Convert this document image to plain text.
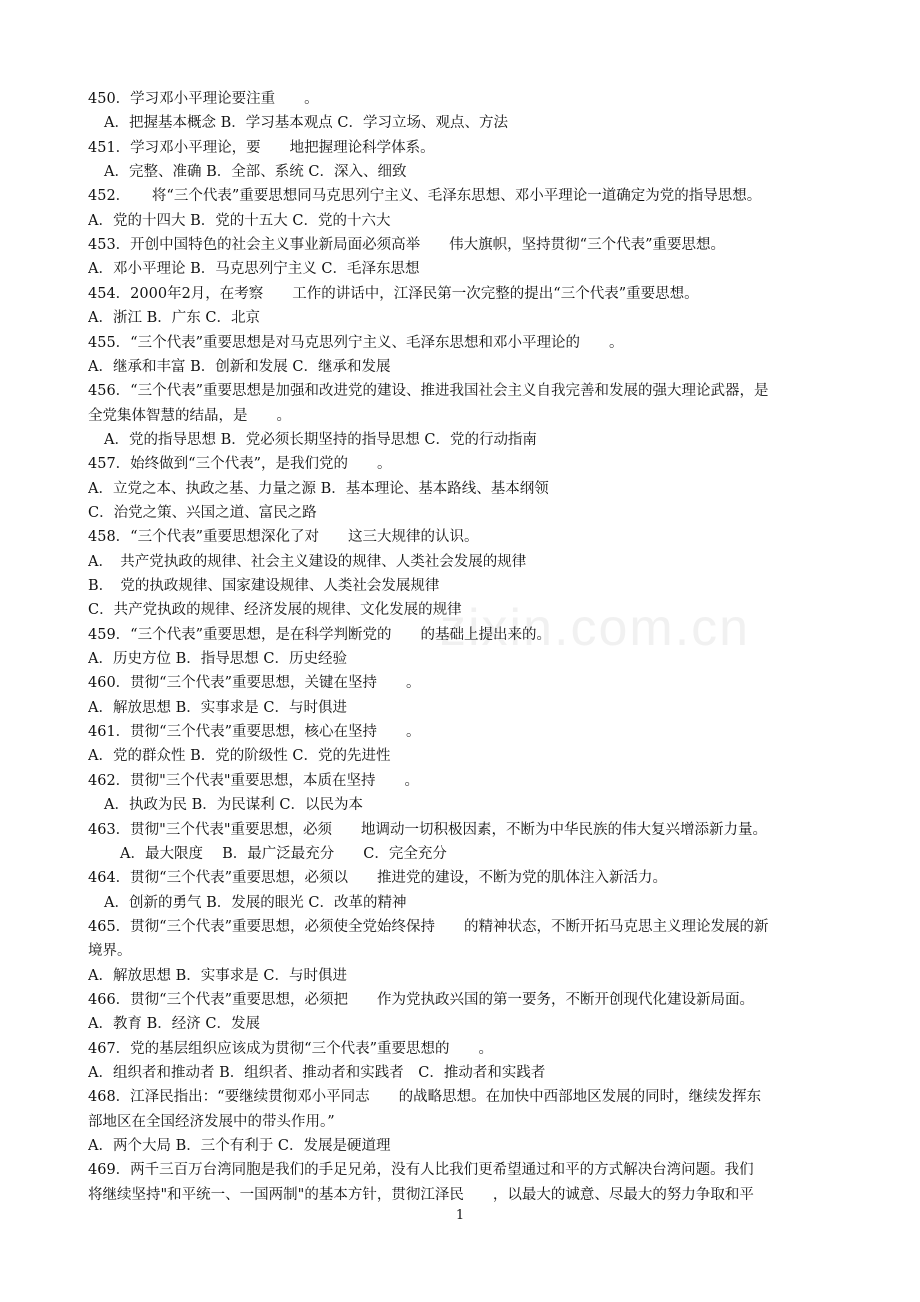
zixin.com.cn
450．学习邓小平理论要注重　　。
A．把握基本概念 B．学习基本观点 C．学习立场、观点、方法
451．学习邓小平理论，要　　地把握理论科学体系。
A．完整、准确 B．全部、系统 C．深入、细致
452．　　将“三个代表”重要思想同马克思列宁主义、毛泽东思想、邓小平理论一道确定为党的指导思想。
A．党的十四大 B．党的十五大 C．党的十六大
453．开创中国特色的社会主义事业新局面必须高举　　伟大旗帜，坚持贯彻“三个代表”重要思想。
A．邓小平理论 B．马克思列宁主义 C．毛泽东思想
454．2000年2月，在考察　　工作的讲话中，江泽民第一次完整的提出“三个代表”重要思想。
A．浙江 B．广东 C．北京
455．“三个代表”重要思想是对马克思列宁主义、毛泽东思想和邓小平理论的　　。
A．继承和丰富 B．创新和发展 C．继承和发展
456．“三个代表”重要思想是加强和改进党的建设、推进我国社会主义自我完善和发展的强大理论武器，是
全党集体智慧的结晶，是　　。
A．党的指导思想 B．党必须长期坚持的指导思想 C．党的行动指南
457．始终做到“三个代表”，是我们党的　　。
A．立党之本、执政之基、力量之源 B．基本理论、基本路线、基本纲领
C．治党之策、兴国之道、富民之路
458．“三个代表”重要思想深化了对　　这三大规律的认识。
A．　共产党执政的规律、社会主义建设的规律、人类社会发展的规律
B．　党的执政规律、国家建设规律、人类社会发展规律
C．共产党执政的规律、经济发展的规律、文化发展的规律
459．“三个代表”重要思想，是在科学判断党的　　的基础上提出来的。
A．历史方位 B．指导思想 C．历史经验
460．贯彻“三个代表”重要思想，关键在坚持　　。
A．解放思想 B．实事求是 C．与时俱进
461．贯彻“三个代表”重要思想，核心在坚持　　。
A．党的群众性 B．党的阶级性 C．党的先进性
462．贯彻"三个代表"重要思想，本质在坚持　　。
A．执政为民 B．为民谋利 C．以民为本
463．贯彻"三个代表"重要思想，必须　　地调动一切积极因素，不断为中华民族的伟大复兴增添新力量。
A．最大限度　 B．最广泛最充分　　C．完全充分
464．贯彻“三个代表”重要思想，必须以　　推进党的建设，不断为党的肌体注入新活力。
A．创新的勇气 B．发展的眼光 C．改革的精神
465．贯彻“三个代表”重要思想，必须使全党始终保持　　的精神状态，不断开拓马克思主义理论发展的新
境界。
A．解放思想 B．实事求是 C．与时俱进
466．贯彻“三个代表”重要思想，必须把　　作为党执政兴国的第一要务，不断开创现代化建设新局面。
A．教育 B．经济 C．发展
467．党的基层组织应该成为贯彻“三个代表”重要思想的　　。
A．组织者和推动者 B．组织者、推动者和实践者　C．推动者和实践者
468．江泽民指出：“要继续贯彻邓小平同志　　的战略思想。在加快中西部地区发展的同时，继续发挥东
部地区在全国经济发展中的带头作用。”
A．两个大局 B．三个有利于 C．发展是硬道理
469．两千三百万台湾同胞是我们的手足兄弟，没有人比我们更希望通过和平的方式解决台湾问题。我们
将继续坚持"和平统一、一国两制"的基本方针，贯彻江泽民　　，以最大的诚意、尽最大的努力争取和平
1
